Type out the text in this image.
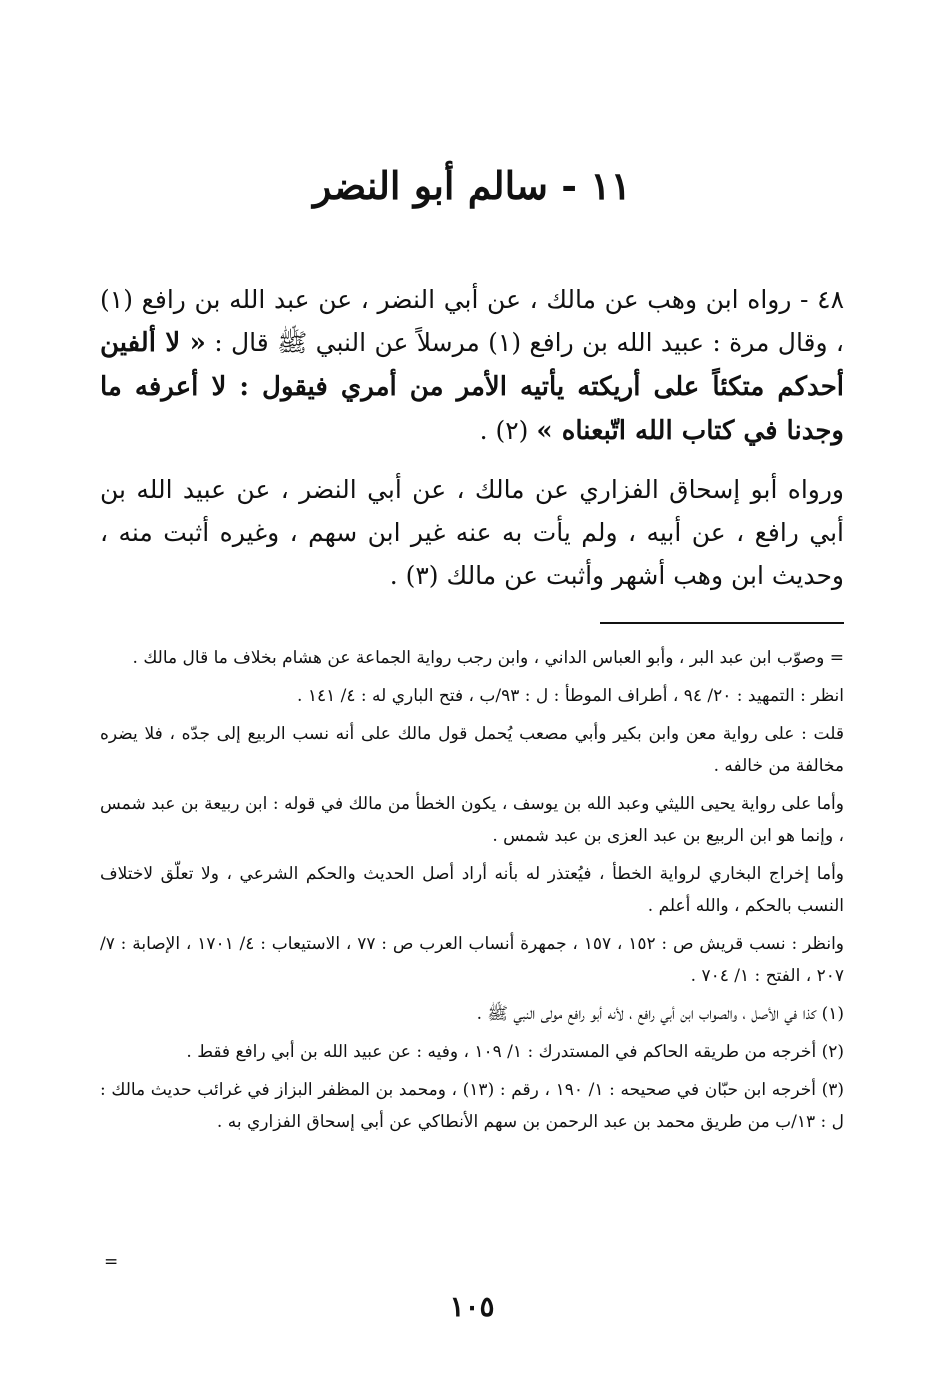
١١ - سالم أبو النضر

٤٨ - رواه ابن وهب عن مالك ، عن أبي النضر ، عن عبد الله بن رافع (١) ، وقال مرة : عبيد الله بن رافع (١) مرسلاً عن النبي ﷺ قال : « لا ألفين أحدكم متكئاً على أريكته يأتيه الأمر من أمري فيقول : لا أعرفه ما وجدنا في كتاب الله اتّبعناه » (٢) .

ورواه أبو إسحاق الفزاري عن مالك ، عن أبي النضر ، عن عبيد الله بن أبي رافع ، عن أبيه ، ولم يأت به عنه غير ابن سهم ، وغيره أثبت منه ، وحديث ابن وهب أشهر وأثبت عن مالك (٣) .

= وصوّب ابن عبد البر ، وأبو العباس الداني ، وابن رجب رواية الجماعة عن هشام بخلاف ما قال مالك .

انظر : التمهيد : ٢٠/ ٩٤ ، أطراف الموطأ : ل : ٩٣/ب ، فتح الباري له : ٤/ ١٤١ .

قلت : على رواية معن وابن بكير وأبي مصعب يُحمل قول مالك على أنه نسب الربيع إلى جدّه ، فلا يضره مخالفة من خالفه .

وأما على رواية يحيى الليثي وعبد الله بن يوسف ، يكون الخطأ من مالك في قوله : ابن ربيعة بن عبد شمس ، وإنما هو ابن الربيع بن عبد العزى بن عبد شمس .

وأما إخراج البخاري لرواية الخطأ ، فيُعتذر له بأنه أراد أصل الحديث والحكم الشرعي ، ولا تعلّق لاختلاف النسب بالحكم ، والله أعلم .

وانظر : نسب قريش ص : ١٥٢ ، ١٥٧ ، جمهرة أنساب العرب ص : ٧٧ ، الاستيعاب : ٤/ ١٧٠١ ، الإصابة : ٧/ ٢٠٧ ، الفتح : ١/ ٧٠٤ .

(١) كذا في الأصل ، والصواب ابن أبي رافع ، لأنه أبو رافع مولى النبي ﷺ .

(٢) أخرجه من طريقه الحاكم في المستدرك : ١/ ١٠٩ ، وفيه : عن عبيد الله بن أبي رافع فقط .

(٣) أخرجه ابن حبّان في صحيحه : ١/ ١٩٠ ، رقم : (١٣) ، ومحمد بن المظفر البزاز في غرائب حديث مالك : ل : ١٣/ب من طريق محمد بن عبد الرحمن بن سهم الأنطاكي عن أبي إسحاق الفزاري به .

=
١٠٥
